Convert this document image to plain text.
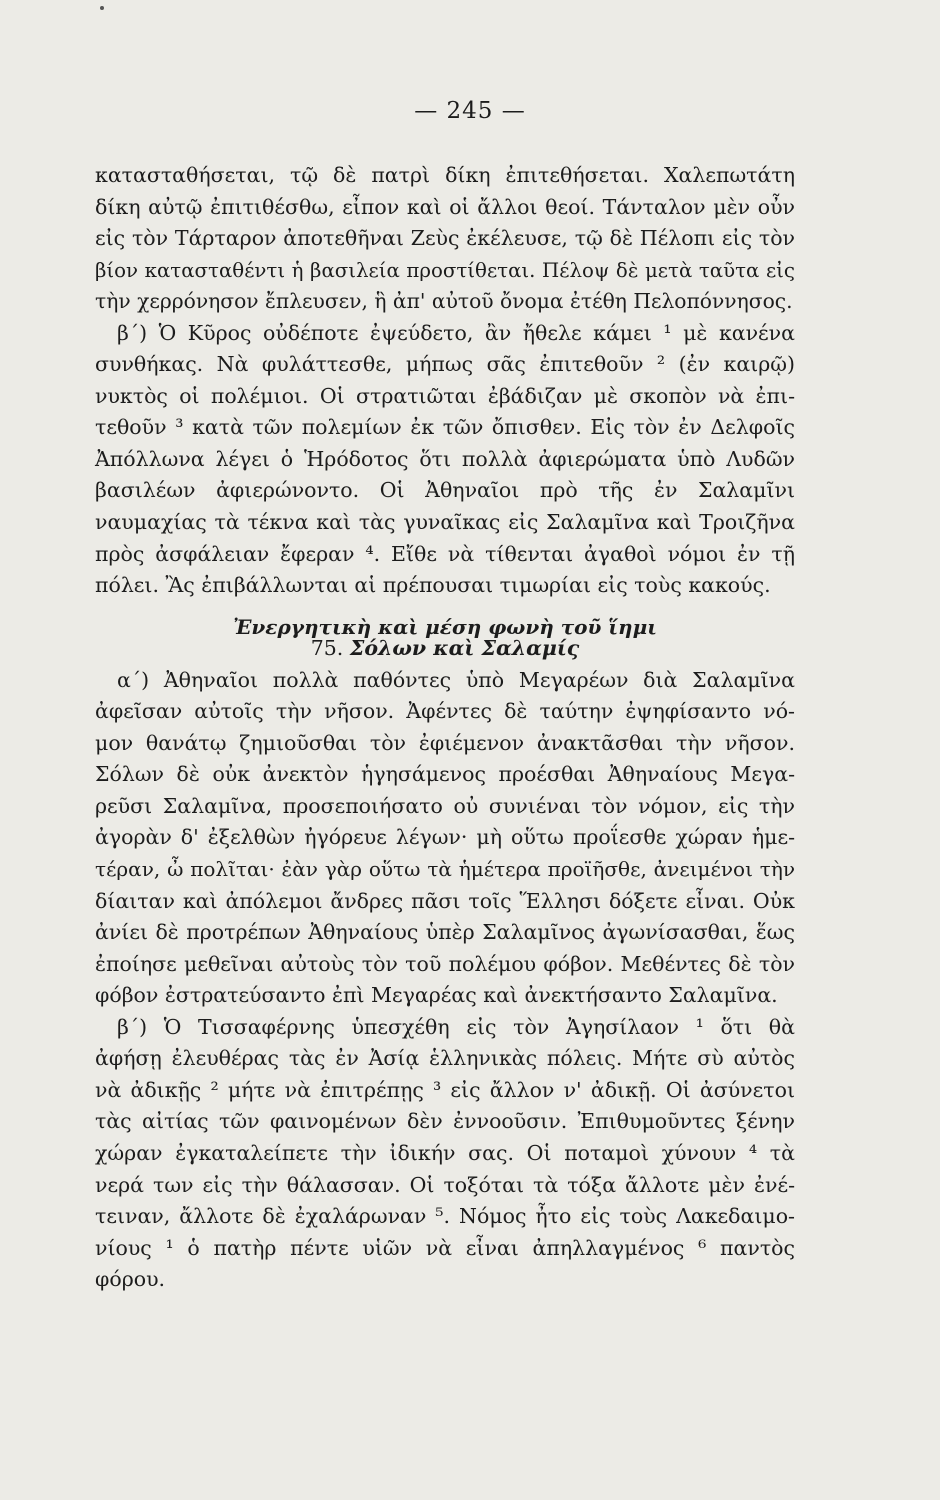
— 245 —
κατασταθήσεται, τῷ δὲ πατρὶ δίκη ἐπιτεθήσεται. Χαλεπωτάτη
δίκη αὐτῷ ἐπιτιθέσθω, εἶπον καὶ οἱ ἄλλοι θεοί. Τάνταλον μὲν οὖν
εἰς τὸν Τάρταρον ἀποτεθῆναι Ζεὺς ἐκέλευσε, τῷ δὲ Πέλοπι εἰς τὸν
βίον κατασταθέντι ἡ βασιλεία προστίθεται. Πέλοψ δὲ μετὰ ταῦτα εἰς
τὴν χερρόνησον ἔπλευσεν, ἣ ἀπ' αὐτοῦ ὄνομα ἐτέθη Πελοπόννησος.
β΄) Ὁ Κῦρος οὐδέποτε ἐψεύδετο, ἂν ἤθελε κάμει ¹ μὲ κανένα
συνθήκας. Νὰ φυλάττεσθε, μήπως σᾶς ἐπιτεθοῦν ² (ἐν καιρῷ)
νυκτὸς οἱ πολέμιοι. Οἱ στρατιῶται ἐβάδιζαν μὲ σκοπὸν νὰ ἐπι-
τεθοῦν ³ κατὰ τῶν πολεμίων ἐκ τῶν ὄπισθεν. Εἰς τὸν ἐν Δελφοῖς
Ἀπόλλωνα λέγει ὁ Ἡρόδοτος ὅτι πολλὰ ἀφιερώματα ὑπὸ Λυδῶν
βασιλέων ἀφιερώνοντο. Οἱ Ἀθηναῖοι πρὸ τῆς ἐν Σαλαμῖνι
ναυμαχίας τὰ τέκνα καὶ τὰς γυναῖκας εἰς Σαλαμῖνα καὶ Τροιζῆνα
πρὸς ἀσφάλειαν ἔφεραν ⁴. Εἴθε νὰ τίθενται ἀγαθοὶ νόμοι ἐν τῇ
πόλει. Ἂς ἐπιβάλλωνται αἱ πρέπουσαι τιμωρίαι εἰς τοὺς κακούς.
Ἐνεργητικὴ καὶ μέση φωνὴ τοῦ ἵημι
75. Σόλων καὶ Σαλαμίς
α΄) Ἀθηναῖοι πολλὰ παθόντες ὑπὸ Μεγαρέων διὰ Σαλαμῖνα
ἀφεῖσαν αὐτοῖς τὴν νῆσον. Ἀφέντες δὲ ταύτην ἐψηφίσαντο νό-
μον θανάτῳ ζημιοῦσθαι τὸν ἐφιέμενον ἀνακτᾶσθαι τὴν νῆσον.
Σόλων δὲ οὐκ ἀνεκτὸν ἡγησάμενος προέσθαι Ἀθηναίους Μεγα-
ρεῦσι Σαλαμῖνα, προσεποιήσατο οὐ συνιέναι τὸν νόμον, εἰς τὴν
ἀγορὰν δ' ἐξελθὼν ἠγόρευε λέγων· μὴ οὕτω προΐεσθε χώραν ἡμε-
τέραν, ὦ πολῖται· ἐὰν γὰρ οὕτω τὰ ἡμέτερα προϊῆσθε, ἀνειμένοι τὴν
δίαιταν καὶ ἀπόλεμοι ἄνδρες πᾶσι τοῖς Ἕλλησι δόξετε εἶναι. Οὐκ
ἀνίει δὲ προτρέπων Ἀθηναίους ὑπὲρ Σαλαμῖνος ἀγωνίσασθαι, ἕως
ἐποίησε μεθεῖναι αὐτοὺς τὸν τοῦ πολέμου φόβον. Μεθέντες δὲ τὸν
φόβον ἐστρατεύσαντο ἐπὶ Μεγαρέας καὶ ἀνεκτήσαντο Σαλαμῖνα.
β΄) Ὁ Τισσαφέρνης ὑπεσχέθη εἰς τὸν Ἀγησίλαον ¹ ὅτι θὰ
ἀφήσῃ ἐλευθέρας τὰς ἐν Ἀσίᾳ ἑλληνικὰς πόλεις. Μήτε σὺ αὐτὸς
νὰ ἀδικῇς ² μήτε νὰ ἐπιτρέπῃς ³ εἰς ἄλλον ν' ἀδικῇ. Οἱ ἀσύνετοι
τὰς αἰτίας τῶν φαινομένων δὲν ἐννοοῦσιν. Ἐπιθυμοῦντες ξένην
χώραν ἐγκαταλείπετε τὴν ἰδικήν σας. Οἱ ποταμοὶ χύνουν ⁴ τὰ
νερά των εἰς τὴν θάλασσαν. Οἱ τοξόται τὰ τόξα ἄλλοτε μὲν ἐνέ-
τειναν, ἄλλοτε δὲ ἐχαλάρωναν ⁵. Νόμος ἦτο εἰς τοὺς Λακεδαιμο-
νίους ¹ ὁ πατὴρ πέντε υἱῶν νὰ εἶναι ἀπηλλαγμένος ⁶ παντὸς
φόρου.
